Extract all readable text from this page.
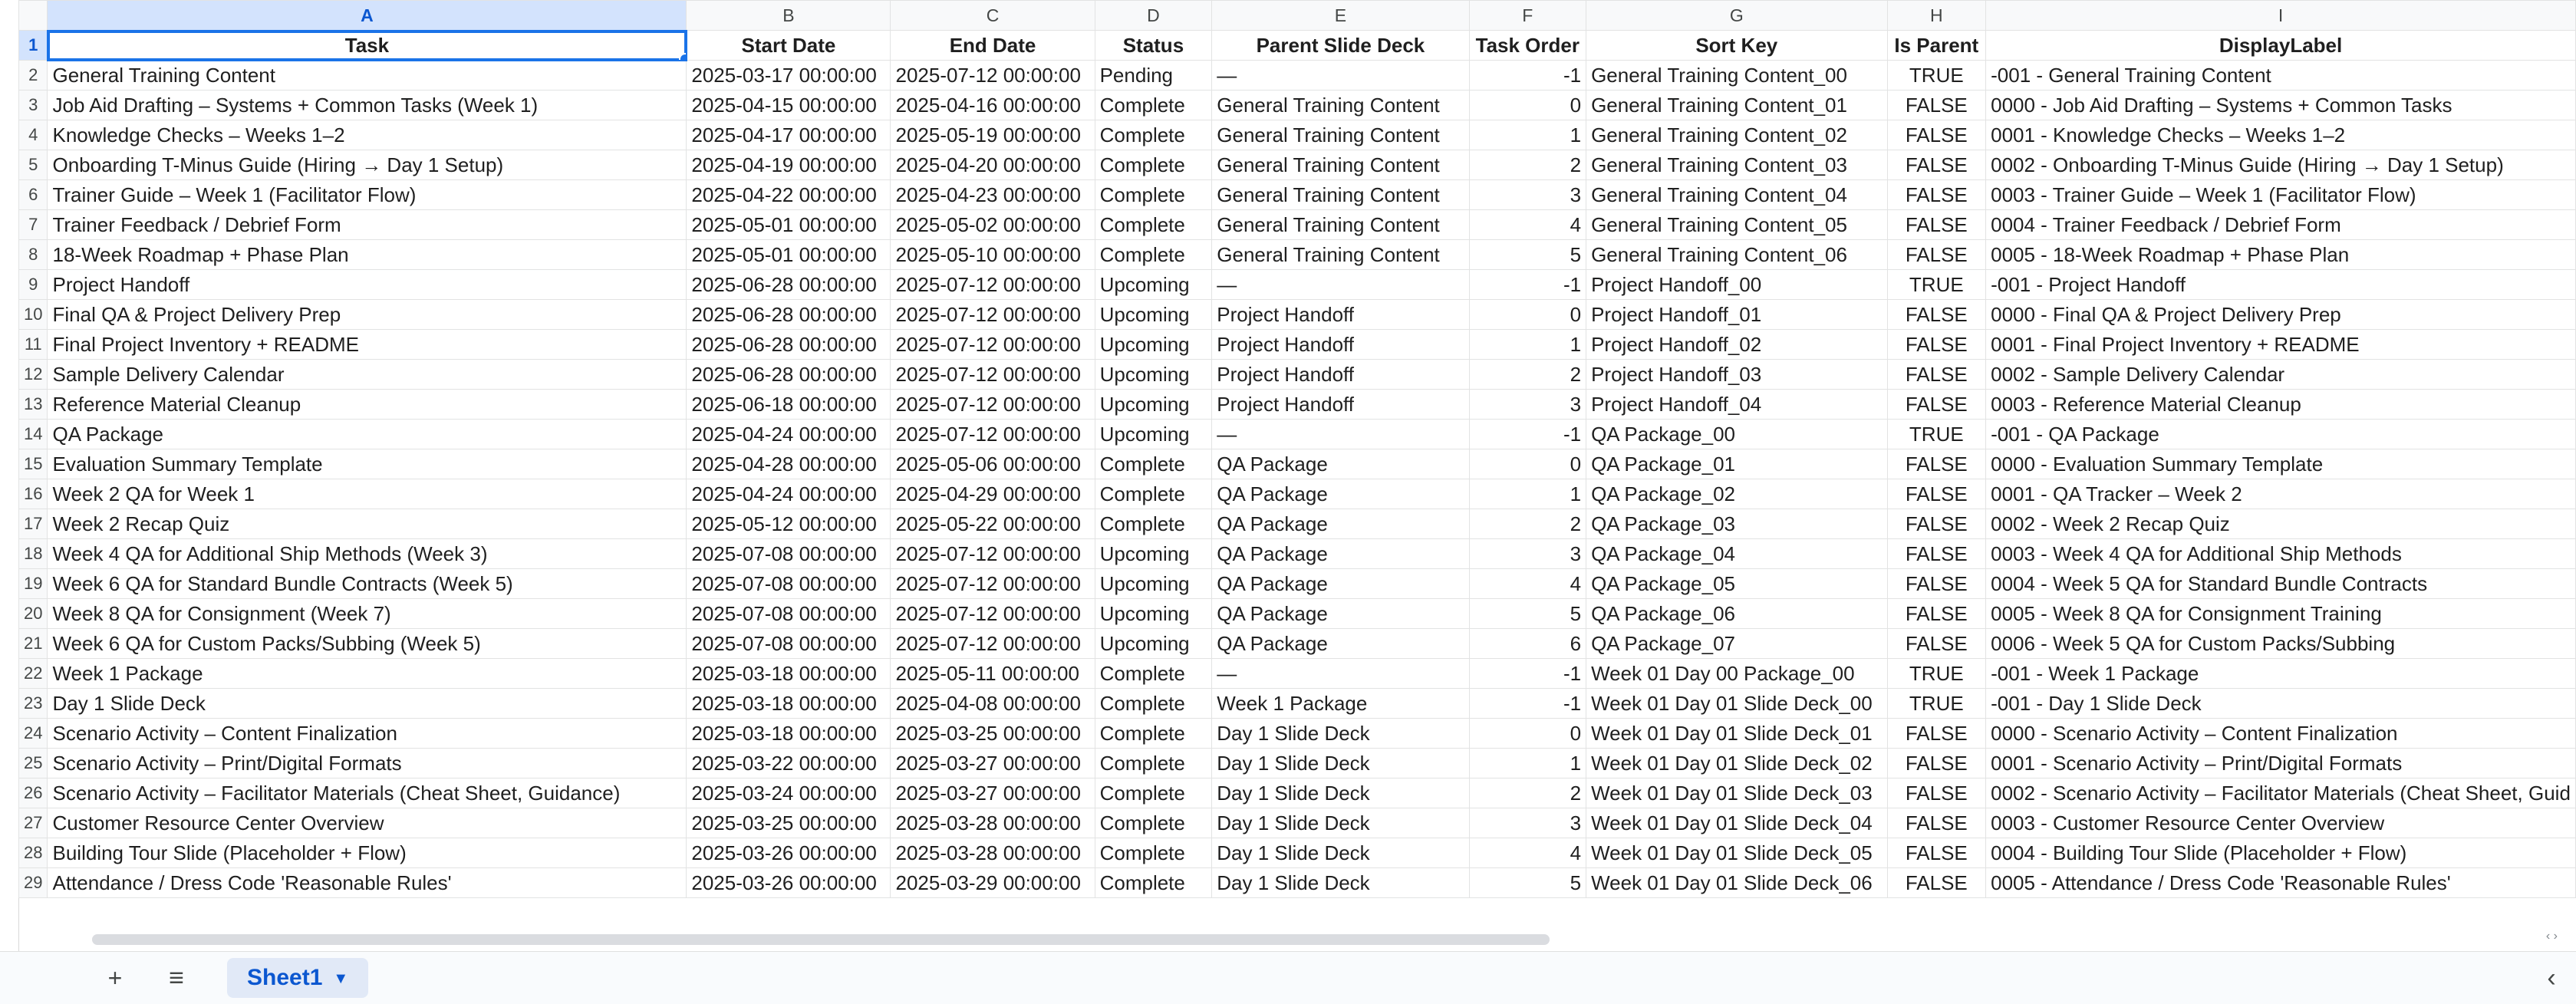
	A	B	C	D	E	F	G	H	I
1	Task	Start Date	End Date	Status	Parent Slide Deck	Task Order	Sort Key	Is Parent	DisplayLabel
2	General Training Content	2025-03-17 00:00:00	2025-07-12 00:00:00	Pending	—	-1	General Training Content_00	TRUE	-001 - General Training Content
3	Job Aid Drafting – Systems + Common Tasks (Week 1)	2025-04-15 00:00:00	2025-04-16 00:00:00	Complete	General Training Content	0	General Training Content_01	FALSE	0000 - Job Aid Drafting – Systems + Common Tasks
4	Knowledge Checks – Weeks 1–2	2025-04-17 00:00:00	2025-05-19 00:00:00	Complete	General Training Content	1	General Training Content_02	FALSE	0001 - Knowledge Checks – Weeks 1–2
5	Onboarding T-Minus Guide (Hiring → Day 1 Setup)	2025-04-19 00:00:00	2025-04-20 00:00:00	Complete	General Training Content	2	General Training Content_03	FALSE	0002 - Onboarding T-Minus Guide (Hiring → Day 1 Setup)
6	Trainer Guide – Week 1 (Facilitator Flow)	2025-04-22 00:00:00	2025-04-23 00:00:00	Complete	General Training Content	3	General Training Content_04	FALSE	0003 - Trainer Guide – Week 1 (Facilitator Flow)
7	Trainer Feedback / Debrief Form	2025-05-01 00:00:00	2025-05-02 00:00:00	Complete	General Training Content	4	General Training Content_05	FALSE	0004 - Trainer Feedback / Debrief Form
8	18-Week Roadmap + Phase Plan	2025-05-01 00:00:00	2025-05-10 00:00:00	Complete	General Training Content	5	General Training Content_06	FALSE	0005 - 18-Week Roadmap + Phase Plan
9	Project Handoff	2025-06-28 00:00:00	2025-07-12 00:00:00	Upcoming	—	-1	Project Handoff_00	TRUE	-001 - Project Handoff
10	Final QA & Project Delivery Prep	2025-06-28 00:00:00	2025-07-12 00:00:00	Upcoming	Project Handoff	0	Project Handoff_01	FALSE	0000 - Final QA & Project Delivery Prep
11	Final Project Inventory + README	2025-06-28 00:00:00	2025-07-12 00:00:00	Upcoming	Project Handoff	1	Project Handoff_02	FALSE	0001 - Final Project Inventory + README
12	Sample Delivery Calendar	2025-06-28 00:00:00	2025-07-12 00:00:00	Upcoming	Project Handoff	2	Project Handoff_03	FALSE	0002 - Sample Delivery Calendar
13	Reference Material Cleanup	2025-06-18 00:00:00	2025-07-12 00:00:00	Upcoming	Project Handoff	3	Project Handoff_04	FALSE	0003 - Reference Material Cleanup
14	QA Package	2025-04-24 00:00:00	2025-07-12 00:00:00	Upcoming	—	-1	QA Package_00	TRUE	-001 - QA Package
15	Evaluation Summary Template	2025-04-28 00:00:00	2025-05-06 00:00:00	Complete	QA Package	0	QA Package_01	FALSE	0000 - Evaluation Summary Template
16	Week 2 QA for Week 1	2025-04-24 00:00:00	2025-04-29 00:00:00	Complete	QA Package	1	QA Package_02	FALSE	0001 - QA Tracker – Week 2
17	Week 2 Recap Quiz	2025-05-12 00:00:00	2025-05-22 00:00:00	Complete	QA Package	2	QA Package_03	FALSE	0002 - Week 2 Recap Quiz
18	Week 4 QA for Additional Ship Methods (Week 3)	2025-07-08 00:00:00	2025-07-12 00:00:00	Upcoming	QA Package	3	QA Package_04	FALSE	0003 - Week 4 QA for Additional Ship Methods
19	Week 6 QA for Standard Bundle Contracts (Week 5)	2025-07-08 00:00:00	2025-07-12 00:00:00	Upcoming	QA Package	4	QA Package_05	FALSE	0004 - Week 5 QA for Standard Bundle Contracts
20	Week 8 QA for Consignment (Week 7)	2025-07-08 00:00:00	2025-07-12 00:00:00	Upcoming	QA Package	5	QA Package_06	FALSE	0005 - Week 8 QA for Consignment Training
21	Week 6 QA for Custom Packs/Subbing (Week 5)	2025-07-08 00:00:00	2025-07-12 00:00:00	Upcoming	QA Package	6	QA Package_07	FALSE	0006 - Week 5 QA for Custom Packs/Subbing
22	Week 1 Package	2025-03-18 00:00:00	2025-05-11 00:00:00	Complete	—	-1	Week 01 Day 00 Package_00	TRUE	-001 - Week 1 Package
23	Day 1 Slide Deck	2025-03-18 00:00:00	2025-04-08 00:00:00	Complete	Week 1 Package	-1	Week 01 Day 01 Slide Deck_00	TRUE	-001 - Day 1 Slide Deck
24	Scenario Activity – Content Finalization	2025-03-18 00:00:00	2025-03-25 00:00:00	Complete	Day 1 Slide Deck	0	Week 01 Day 01 Slide Deck_01	FALSE	0000 - Scenario Activity – Content Finalization
25	Scenario Activity – Print/Digital Formats	2025-03-22 00:00:00	2025-03-27 00:00:00	Complete	Day 1 Slide Deck	1	Week 01 Day 01 Slide Deck_02	FALSE	0001 - Scenario Activity – Print/Digital Formats
26	Scenario Activity – Facilitator Materials (Cheat Sheet, Guidance)	2025-03-24 00:00:00	2025-03-27 00:00:00	Complete	Day 1 Slide Deck	2	Week 01 Day 01 Slide Deck_03	FALSE	0002 - Scenario Activity – Facilitator Materials (Cheat Sheet, Guid
27	Customer Resource Center Overview	2025-03-25 00:00:00	2025-03-28 00:00:00	Complete	Day 1 Slide Deck	3	Week 01 Day 01 Slide Deck_04	FALSE	0003 - Customer Resource Center Overview
28	Building Tour Slide (Placeholder + Flow)	2025-03-26 00:00:00	2025-03-28 00:00:00	Complete	Day 1 Slide Deck	4	Week 01 Day 01 Slide Deck_05	FALSE	0004 - Building Tour Slide (Placeholder + Flow)
29	Attendance / Dress Code 'Reasonable Rules'	2025-03-26 00:00:00	2025-03-29 00:00:00	Complete	Day 1 Slide Deck	5	Week 01 Day 01 Slide Deck_06	FALSE	0005 - Attendance / Dress Code 'Reasonable Rules'
‹ ›
+	≡	Sheet1 ▼	‹
